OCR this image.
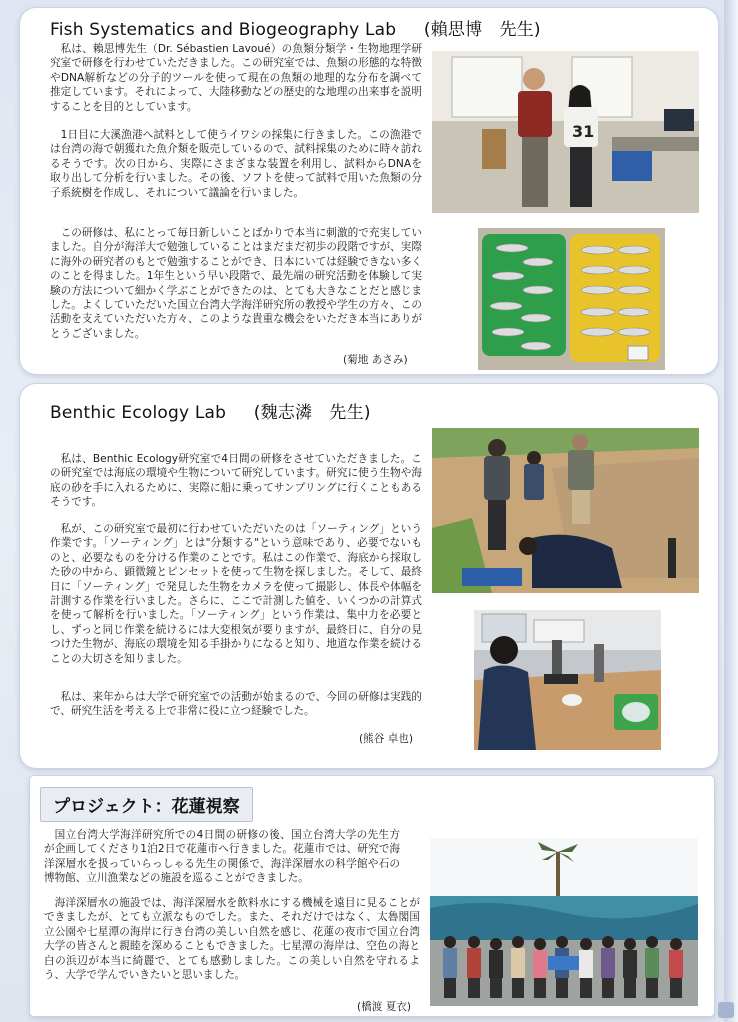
Fish Systematics and Biogeography Lab (賴思博　先生)

私は、賴思博先生（Dr. Sébastien Lavoué）の魚類分類学・生物地理学研究室で研修を行わせていただきました。この研究室では、魚類の形態的な特徴やDNA解析などの分子的ツールを使って現在の魚類の地理的な分布を調べて推定しています。それによって、大陸移動などの歴史的な地理の出来事を説明することを目的としています。

1日目に大溪漁港へ試料として使うイワシの採集に行きました。この漁港では台湾の海で朝獲れた魚介類を販売しているので、試料採集のために時々訪れるそうです。次の日から、実際にさまざまな装置を利用し、試料からDNAを取り出して分析を行いました。その後、ソフトを使って試料で用いた魚類の分子系統樹を作成し、それについて議論を行いました。

この研修は、私にとって毎日新しいことばかりで本当に刺激的で充実していました。自分が海洋大で勉強していることはまだまだ初歩の段階ですが、実際に海外の研究者のもとで勉強することができ、日本にいては経験できない多くのことを得ました。1年生という早い段階で、最先端の研究活動を体験して実験の方法について細かく学ぶことができたのは、とても大きなことだと感じました。よくしていただいた国立台湾大学海洋研究所の教授や学生の方々、この活動を支えていただいた方々、このような貴重な機会をいただき本当にありがとうございました。

(菊地 あさみ)
31
Benthic Ecology Lab (魏志潾　先生)

私は、Benthic Ecology研究室で4日間の研修をさせていただきました。この研究室では海底の環境や生物について研究しています。研究に使う生物や海底の砂を手に入れるために、実際に船に乗ってサンプリングに行くこともあるそうです。

私が、この研究室で最初に行わせていただいたのは「ソーティング」という作業です。「ソーティング」とは"分類する"という意味であり、必要でないものと、必要なものを分ける作業のことです。私はこの作業で、海底から採取した砂の中から、顕微鏡とピンセットを使って生物を探しました。そして、最終日に「ソーティング」で発見した生物をカメラを使って撮影し、体長や体幅を計測する作業を行いました。さらに、ここで計測した値を、いくつかの計算式を使って解析を行いました。「ソーティング」という作業は、集中力を必要とし、ずっと同じ作業を続けるには大変根気が要りますが、最終日に、自分の見つけた生物が、海底の環境を知る手掛かりになると知り、地道な作業を続けることの大切さを知りました。

私は、来年からは大学で研究室での活動が始まるので、今回の研修は実践的で、研究生活を考える上で非常に役に立つ経験でした。

(熊谷 卓也)
プロジェクト：花蓮視察

国立台湾大学海洋研究所での4日間の研修の後、国立台湾大学の先生方が企画してくださり1泊2日で花蓮市へ行きました。花蓮市では、研究で海洋深層水を扱っていらっしゃる先生の関係で、海洋深層水の科学館や石の博物館、立川漁業などの施設を巡ることができました。

海洋深層水の施設では、海洋深層水を飲料水にする機械を遠目に見ることができましたが、とても立派なものでした。また、それだけではなく、太魯閣国立公園や七星潭の海岸に行き台湾の美しい自然を感じ、花蓮の夜市で国立台湾大学の皆さんと親睦を深めることもできました。七星潭の海岸は、空色の海と白の浜辺が本当に綺麗で、とても感動しました。この美しい自然を守れるよう、大学で学んでいきたいと思いました。

(橋渡 夏衣)
